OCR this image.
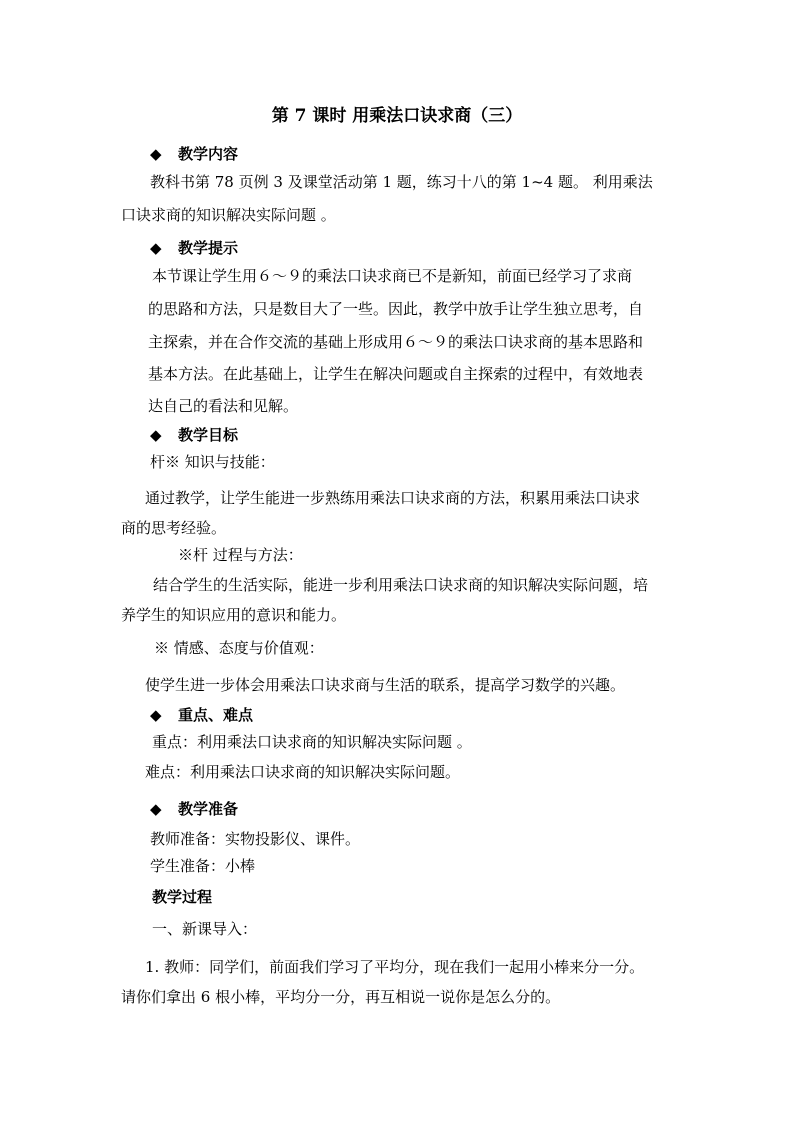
第 7 课时 用乘法口诀求商（三）
◆ 教学内容
教科书第 78 页例 3 及课堂活动第 1 题，练习十八的第 1~4 题。 利用乘法
口诀求商的知识解决实际问题 。
◆ 教学提示
本节课让学生用６～９的乘法口诀求商已不是新知，前面已经学习了求商
的思路和方法，只是数目大了一些。因此，教学中放手让学生独立思考，自
主探索，并在合作交流的基础上形成用６～９的乘法口诀求商的基本思路和
基本方法。在此基础上，让学生在解决问题或自主探索的过程中，有效地表
达自己的看法和见解。
◆ 教学目标
杆※ 知识与技能：
通过教学，让学生能进一步熟练用乘法口诀求商的方法，积累用乘法口诀求
商的思考经验。
※杆 过程与方法：
结合学生的生活实际，能进一步利用乘法口诀求商的知识解决实际问题，培
养学生的知识应用的意识和能力。
※ 情感、态度与价值观：
使学生进一步体会用乘法口诀求商与生活的联系，提高学习数学的兴趣。
◆ 重点、难点
重点：利用乘法口诀求商的知识解决实际问题 。
难点：利用乘法口诀求商的知识解决实际问题。
◆ 教学准备
教师准备：实物投影仪、课件。
学生准备：小棒
教学过程
一、新课导入：
1. 教师：同学们，前面我们学习了平均分，现在我们一起用小棒来分一分。
请你们拿出 6 根小棒，平均分一分，再互相说一说你是怎么分的。
